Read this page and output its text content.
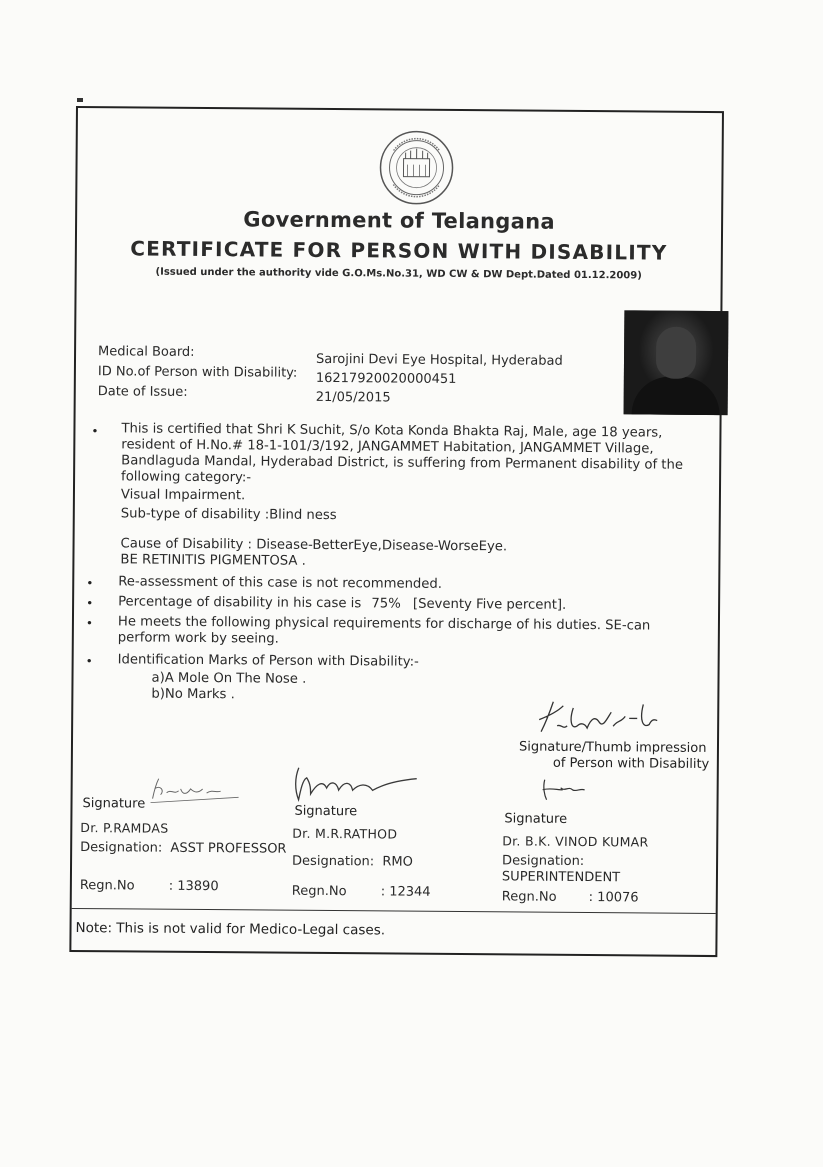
Government of Telangana
CERTIFICATE FOR PERSON WITH DISABILITY
(Issued under the authority vide G.O.Ms.No.31, WD CW & DW Dept.Dated 01.12.2009)
Medical Board:	Sarojini Devi Eye Hospital, Hyderabad
ID No.of Person with Disability: 16217920020000451
Date of Issue:	21/05/2015
• This is certified that Shri K Suchit, S/o Kota Konda Bhakta Raj, Male, age 18 years,
resident of H.No.# 18-1-101/3/192, JANGAMMET Habitation, JANGAMMET Village,
Bandlaguda Mandal, Hyderabad District, is suffering from Permanent disability of the
following category:-
Visual Impairment.
Sub-type of disability :Blind ness
Cause of Disability : Disease-BetterEye,Disease-WorseEye.
BE RETINITIS PIGMENTOSA .
• Re-assessment of this case is not recommended.
• Percentage of disability in his case is 75% [Seventy Five percent].
• He meets the following physical requirements for discharge of his duties. SE-can
perform work by seeing.
• Identification Marks of Person with Disability:-
a)A Mole On The Nose .
b)No Marks .
Signature/Thumb impression
of Person with Disability
Signature
Dr. P.RAMDAS
Designation: ASST PROFESSOR
Regn.No	: 13890
Signature
Dr. M.R.RATHOD
Designation: RMO
Regn.No	: 12344
Signature
Dr. B.K. VINOD KUMAR
Designation:
SUPERINTENDENT
Regn.No : 10076
Note: This is not valid for Medico-Legal cases.
